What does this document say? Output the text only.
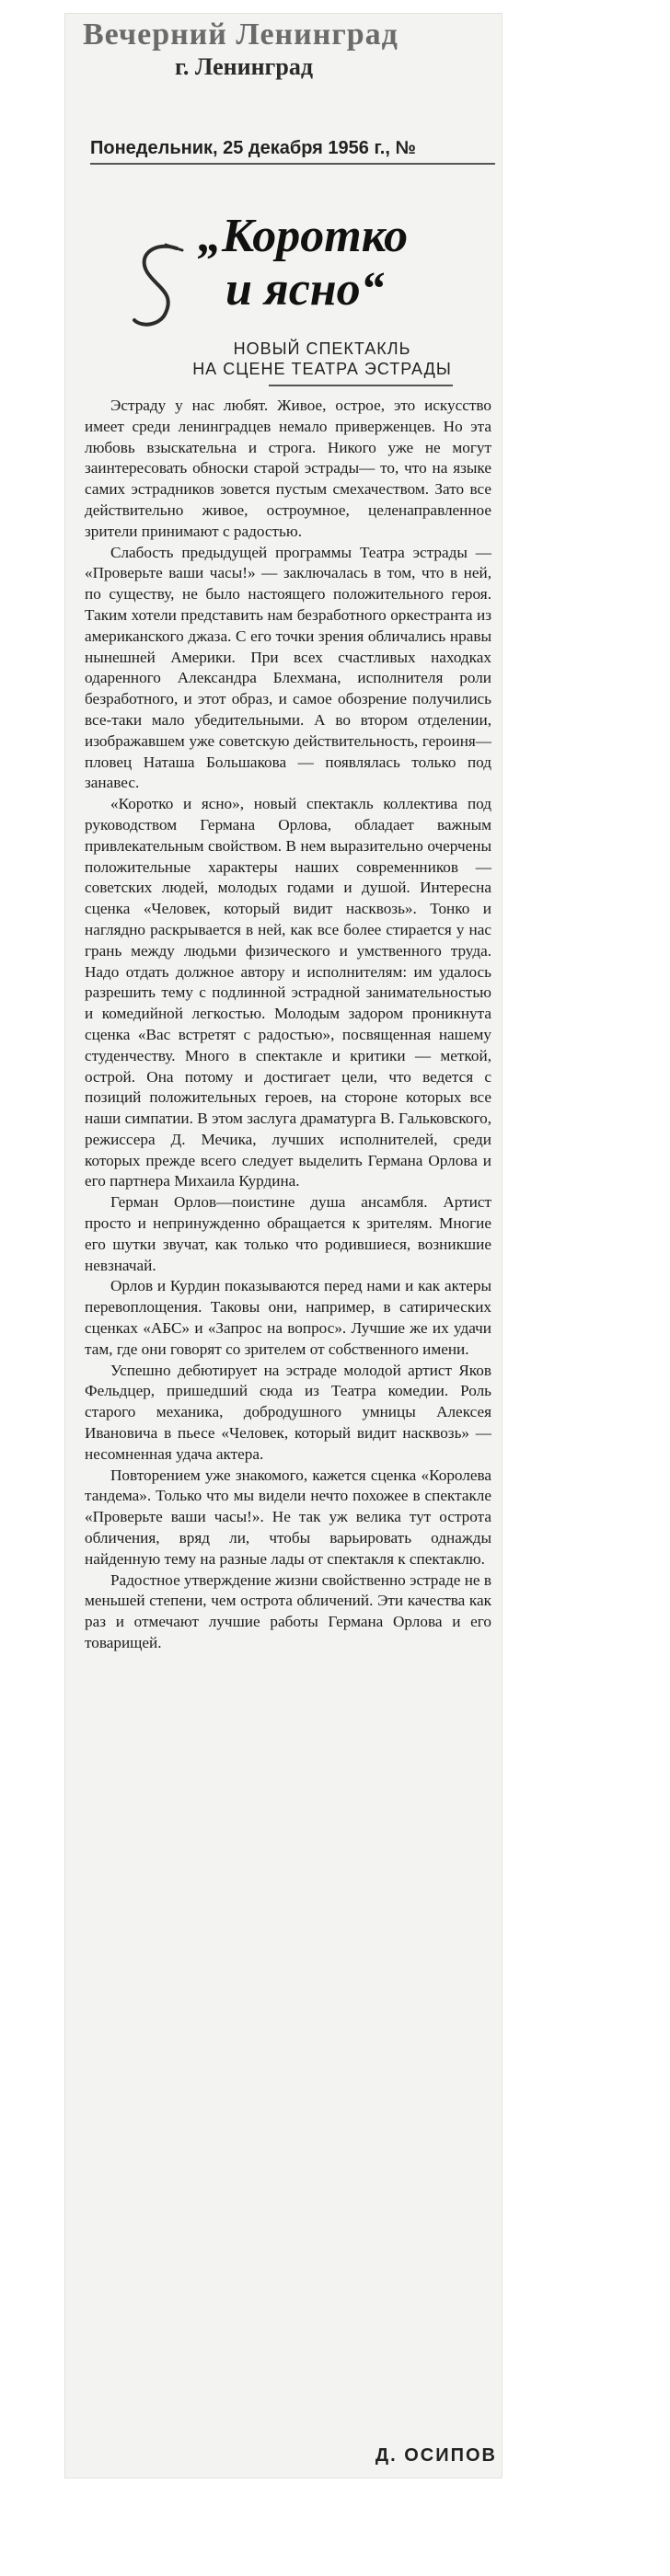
Вечерний Ленинград

г. Ленинград

Понедельник, 25 декабря 1956 г., №
„Коротко
и ясно“
НОВЫЙ СПЕКТАКЛЬ
НА СЦЕНЕ ТЕАТРА ЭСТРАДЫ

Эстраду у нас любят. Живое, острое, это искусство имеет среди ленинградцев немало приверженцев. Но эта любовь взыскательна и строга. Никого уже не могут заинтересовать обноски старой эстрады— то, что на языке самих эстрадников зовется пустым смехачеством. Зато все действительно живое, остроумное, целенаправленное зрители принимают с радостью.

Слабость предыдущей программы Театра эстрады — «Проверьте ваши часы!» — заключалась в том, что в ней, по существу, не было настоящего положительного героя. Таким хотели представить нам безработного оркестранта из американского джаза. С его точки зрения обличались нравы нынешней Америки. При всех счастливых находках одаренного Александра Блехмана, исполнителя роли безработного, и этот образ, и самое обозрение получились все-таки мало убедительными. А во втором отделении, изображавшем уже советскую действительность, героиня—пловец Наташа Большакова — появлялась только под занавес.

«Коротко и ясно», новый спектакль коллектива под руководством Германа Орлова, обладает важным привлекательным свойством. В нем выразительно очерчены положительные характеры наших современников — советских людей, молодых годами и душой. Интересна сценка «Человек, который видит насквозь». Тонко и наглядно раскрывается в ней, как все более стирается у нас грань между людьми физического и умственного труда. Надо отдать должное автору и исполнителям: им удалось разрешить тему с подлинной эстрадной занимательностью и комедийной легкостью. Молодым задором проникнута сценка «Вас встретят с радостью», посвященная нашему студенчеству. Много в спектакле и критики — меткой, острой. Она потому и достигает цели, что ведется с позиций положительных героев, на стороне которых все наши симпатии. В этом заслуга драматурга В. Гальковского, режиссера Д. Мечика, лучших исполнителей, среди которых прежде всего следует выделить Германа Орлова и его партнера Михаила Курдина.

Герман Орлов—поистине душа ансамбля. Артист просто и непринужденно обращается к зрителям. Многие его шутки звучат, как только что родившиеся, возникшие невзначай.

Орлов и Курдин показываются перед нами и как актеры перевоплощения. Таковы они, например, в сатирических сценках «АБС» и «Запрос на вопрос». Лучшие же их удачи там, где они говорят со зрителем от собственного имени.

Успешно дебютирует на эстраде молодой артист Яков Фельдцер, пришедший сюда из Театра комедии. Роль старого механика, добродушного умницы Алексея Ивановича в пьесе «Человек, который видит насквозь» — несомненная удача актера.

Повторением уже знакомого, кажется сценка «Королева тандема». Только что мы видели нечто похожее в спектакле «Проверьте ваши часы!». Не так уж велика тут острота обличения, вряд ли, чтобы варьировать однажды найденную тему на разные лады от спектакля к спектаклю.

Радостное утверждение жизни свойственно эстраде не в меньшей степени, чем острота обличений. Эти качества как раз и отмечают лучшие работы Германа Орлова и его товарищей.

Д. ОСИПОВ
